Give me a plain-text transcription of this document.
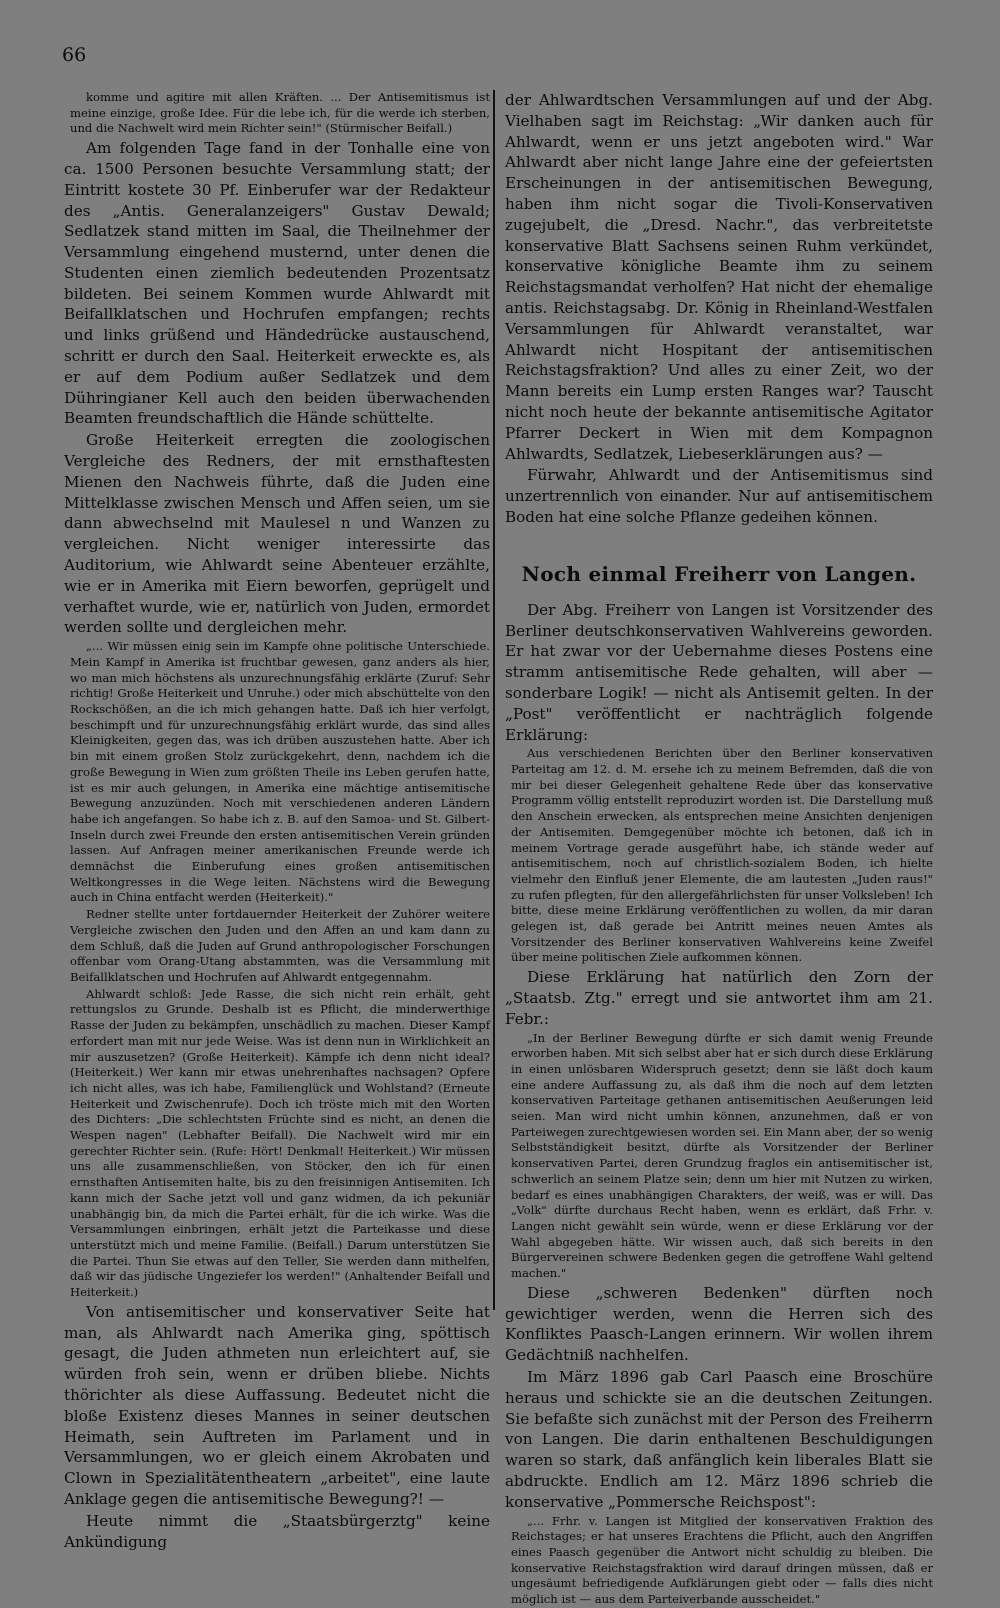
66

komme und agitire mit allen Kräften. ... Der Antisemitismus ist meine einzige, große Idee. Für die lebe ich, für die werde ich sterben, und die Nachwelt wird mein Richter sein!" (Stürmischer Beifall.)

Am folgenden Tage fand in der Tonhalle eine von ca. 1500 Personen besuchte Versammlung statt; der Eintritt kostete 30 Pf. Einberufer war der Redakteur des „Antis. Generalanzeigers" Gustav Dewald; Sedlatzek stand mitten im Saal, die Theilnehmer der Versammlung eingehend musternd, unter denen die Studenten einen ziemlich bedeutenden Prozentsatz bildeten. Bei seinem Kommen wurde Ahlwardt mit Beifallklatschen und Hochrufen empfangen; rechts und links grüßend und Händedrücke austauschend, schritt er durch den Saal. Heiterkeit erweckte es, als er auf dem Podium außer Sedlatzek und dem Dühringianer Kell auch den beiden überwachenden Beamten freundschaftlich die Hände schüttelte.

Große Heiterkeit erregten die zoologischen Vergleiche des Redners, der mit ernsthaftesten Mienen den Nachweis führte, daß die Juden eine Mittelklasse zwischen Mensch und Affen seien, um sie dann abwechselnd mit Maulesel n und Wanzen zu vergleichen. Nicht weniger interessirte das Auditorium, wie Ahlwardt seine Abenteuer erzählte, wie er in Amerika mit Eiern beworfen, geprügelt und verhaftet wurde, wie er, natürlich von Juden, ermordet werden sollte und dergleichen mehr.

„... Wir müssen einig sein im Kampfe ohne politische Unterschiede. Mein Kampf in Amerika ist fruchtbar gewesen, ganz anders als hier, wo man mich höchstens als unzurechnungsfähig erklärte (Zuruf: Sehr richtig! Große Heiterkeit und Unruhe.) oder mich abschüttelte von den Rockschößen, an die ich mich gehangen hatte. Daß ich hier verfolgt, beschimpft und für unzurechnungsfähig erklärt wurde, das sind alles Kleinigkeiten, gegen das, was ich drüben auszustehen hatte. Aber ich bin mit einem großen Stolz zurückgekehrt, denn, nachdem ich die große Bewegung in Wien zum größten Theile ins Leben gerufen hatte, ist es mir auch gelungen, in Amerika eine mächtige antisemitische Bewegung anzuzünden. Noch mit verschiedenen anderen Ländern habe ich angefangen. So habe ich z. B. auf den Samoa- und St. Gilbert-Inseln durch zwei Freunde den ersten antisemitischen Verein gründen lassen. Auf Anfragen meiner amerikanischen Freunde werde ich demnächst die Einberufung eines großen antisemitischen Weltkongresses in die Wege leiten. Nächstens wird die Bewegung auch in China entfacht werden (Heiterkeit)."

Redner stellte unter fortdauernder Heiterkeit der Zuhörer weitere Vergleiche zwischen den Juden und den Affen an und kam dann zu dem Schluß, daß die Juden auf Grund anthropologischer Forschungen offenbar vom Orang-Utang abstammten, was die Versammlung mit Beifallklatschen und Hochrufen auf Ahlwardt entgegennahm.

Ahlwardt schloß: Jede Rasse, die sich nicht rein erhält, geht rettungslos zu Grunde. Deshalb ist es Pflicht, die minderwerthige Rasse der Juden zu bekämpfen, unschädlich zu machen. Dieser Kampf erfordert man mit nur jede Weise. Was ist denn nun in Wirklichkeit an mir auszusetzen? (Große Heiterkeit). Kämpfe ich denn nicht ideal? (Heiterkeit.) Wer kann mir etwas unehrenhaftes nachsagen? Opfere ich nicht alles, was ich habe, Familienglück und Wohlstand? (Erneute Heiterkeit und Zwischenrufe). Doch ich tröste mich mit den Worten des Dichters: „Die schlechtsten Früchte sind es nicht, an denen die Wespen nagen" (Lebhafter Beifall). Die Nachwelt wird mir ein gerechter Richter sein. (Rufe: Hört! Denkmal! Heiterkeit.) Wir müssen uns alle zusammenschließen, von Stöcker, den ich für einen ernsthaften Antisemiten halte, bis zu den freisinnigen Antisemiten. Ich kann mich der Sache jetzt voll und ganz widmen, da ich pekuniär unabhängig bin, da mich die Partei erhält, für die ich wirke. Was die Versammlungen einbringen, erhält jetzt die Parteikasse und diese unterstützt mich und meine Familie. (Beifall.) Darum unterstützen Sie die Partei. Thun Sie etwas auf den Teller, Sie werden dann mithelfen, daß wir das jüdische Ungeziefer los werden!" (Anhaltender Beifall und Heiterkeit.)

Von antisemitischer und konservativer Seite hat man, als Ahlwardt nach Amerika ging, spöttisch gesagt, die Juden athmeten nun erleichtert auf, sie würden froh sein, wenn er drüben bliebe. Nichts thörichter als diese Auffassung. Bedeutet nicht die bloße Existenz dieses Mannes in seiner deutschen Heimath, sein Auftreten im Parlament und in Versammlungen, wo er gleich einem Akrobaten und Clown in Spezialitätentheatern „arbeitet", eine laute Anklage gegen die antisemitische Bewegung?! —

Heute nimmt die „Staatsbürgerztg" keine Ankündigung

der Ahlwardtschen Versammlungen auf und der Abg. Vielhaben sagt im Reichstag: „Wir danken auch für Ahlwardt, wenn er uns jetzt angeboten wird." War Ahlwardt aber nicht lange Jahre eine der gefeiertsten Erscheinungen in der antisemitischen Bewegung, haben ihm nicht sogar die Tivoli-Konservativen zugejubelt, die „Dresd. Nachr.", das verbreitetste konservative Blatt Sachsens seinen Ruhm verkündet, konservative königliche Beamte ihm zu seinem Reichstagsmandat verholfen? Hat nicht der ehemalige antis. Reichstagsabg. Dr. König in Rheinland-Westfalen Versammlungen für Ahlwardt veranstaltet, war Ahlwardt nicht Hospitant der antisemitischen Reichstagsfraktion? Und alles zu einer Zeit, wo der Mann bereits ein Lump ersten Ranges war? Tauscht nicht noch heute der bekannte antisemitische Agitator Pfarrer Deckert in Wien mit dem Kompagnon Ahlwardts, Sedlatzek, Liebeserklärungen aus? —

Fürwahr, Ahlwardt und der Antisemitismus sind unzertrennlich von einander. Nur auf antisemitischem Boden hat eine solche Pflanze gedeihen können.

Noch einmal Freiherr von Langen.

Der Abg. Freiherr von Langen ist Vorsitzender des Berliner deutschkonservativen Wahlvereins geworden. Er hat zwar vor der Uebernahme dieses Postens eine stramm antisemitische Rede gehalten, will aber — sonderbare Logik! — nicht als Antisemit gelten. In der „Post" veröffentlicht er nachträglich folgende Erklärung:

Aus verschiedenen Berichten über den Berliner konservativen Parteitag am 12. d. M. ersehe ich zu meinem Befremden, daß die von mir bei dieser Gelegenheit gehaltene Rede über das konservative Programm völlig entstellt reproduzirt worden ist. Die Darstellung muß den Anschein erwecken, als entsprechen meine Ansichten denjenigen der Antisemiten. Demgegenüber möchte ich betonen, daß ich in meinem Vortrage gerade ausgeführt habe, ich stände weder auf antisemitischem, noch auf christlich-sozialem Boden, ich hielte vielmehr den Einfluß jener Elemente, die am lautesten „Juden raus!" zu rufen pflegten, für den allergefährlichsten für unser Volksleben! Ich bitte, diese meine Erklärung veröffentlichen zu wollen, da mir daran gelegen ist, daß gerade bei Antritt meines neuen Amtes als Vorsitzender des Berliner konservativen Wahlvereins keine Zweifel über meine politischen Ziele aufkommen können.

Diese Erklärung hat natürlich den Zorn der „Staatsb. Ztg." erregt und sie antwortet ihm am 21. Febr.:

„In der Berliner Bewegung dürfte er sich damit wenig Freunde erworben haben. Mit sich selbst aber hat er sich durch diese Erklärung in einen unlösbaren Widerspruch gesetzt; denn sie läßt doch kaum eine andere Auffassung zu, als daß ihm die noch auf dem letzten konservativen Parteitage gethanen antisemitischen Aeußerungen leid seien. Man wird nicht umhin können, anzunehmen, daß er von Parteiwegen zurechtgewiesen worden sei. Ein Mann aber, der so wenig Selbstständigkeit besitzt, dürfte als Vorsitzender der Berliner konservativen Partei, deren Grundzug fraglos ein antisemitischer ist, schwerlich an seinem Platze sein; denn um hier mit Nutzen zu wirken, bedarf es eines unabhängigen Charakters, der weiß, was er will. Das „Volk" dürfte durchaus Recht haben, wenn es erklärt, daß Frhr. v. Langen nicht gewählt sein würde, wenn er diese Erklärung vor der Wahl abgegeben hätte. Wir wissen auch, daß sich bereits in den Bürgervereinen schwere Bedenken gegen die getroffene Wahl geltend machen."

Diese „schweren Bedenken" dürften noch gewichtiger werden, wenn die Herren sich des Konfliktes Paasch-Langen erinnern. Wir wollen ihrem Gedächtniß nachhelfen.

Im März 1896 gab Carl Paasch eine Broschüre heraus und schickte sie an die deutschen Zeitungen. Sie befaßte sich zunächst mit der Person des Freiherrn von Langen. Die darin enthaltenen Beschuldigungen waren so stark, daß anfänglich kein liberales Blatt sie abdruckte. Endlich am 12. März 1896 schrieb die konservative „Pommersche Reichspost":

„... Frhr. v. Langen ist Mitglied der konservativen Fraktion des Reichstages; er hat unseres Erachtens die Pflicht, auch den Angriffen eines Paasch gegenüber die Antwort nicht schuldig zu bleiben. Die konservative Reichstagsfraktion wird darauf dringen müssen, daß er ungesäumt befriedigende Aufklärungen giebt oder — falls dies nicht möglich ist — aus dem Parteiverbande ausscheidet."
